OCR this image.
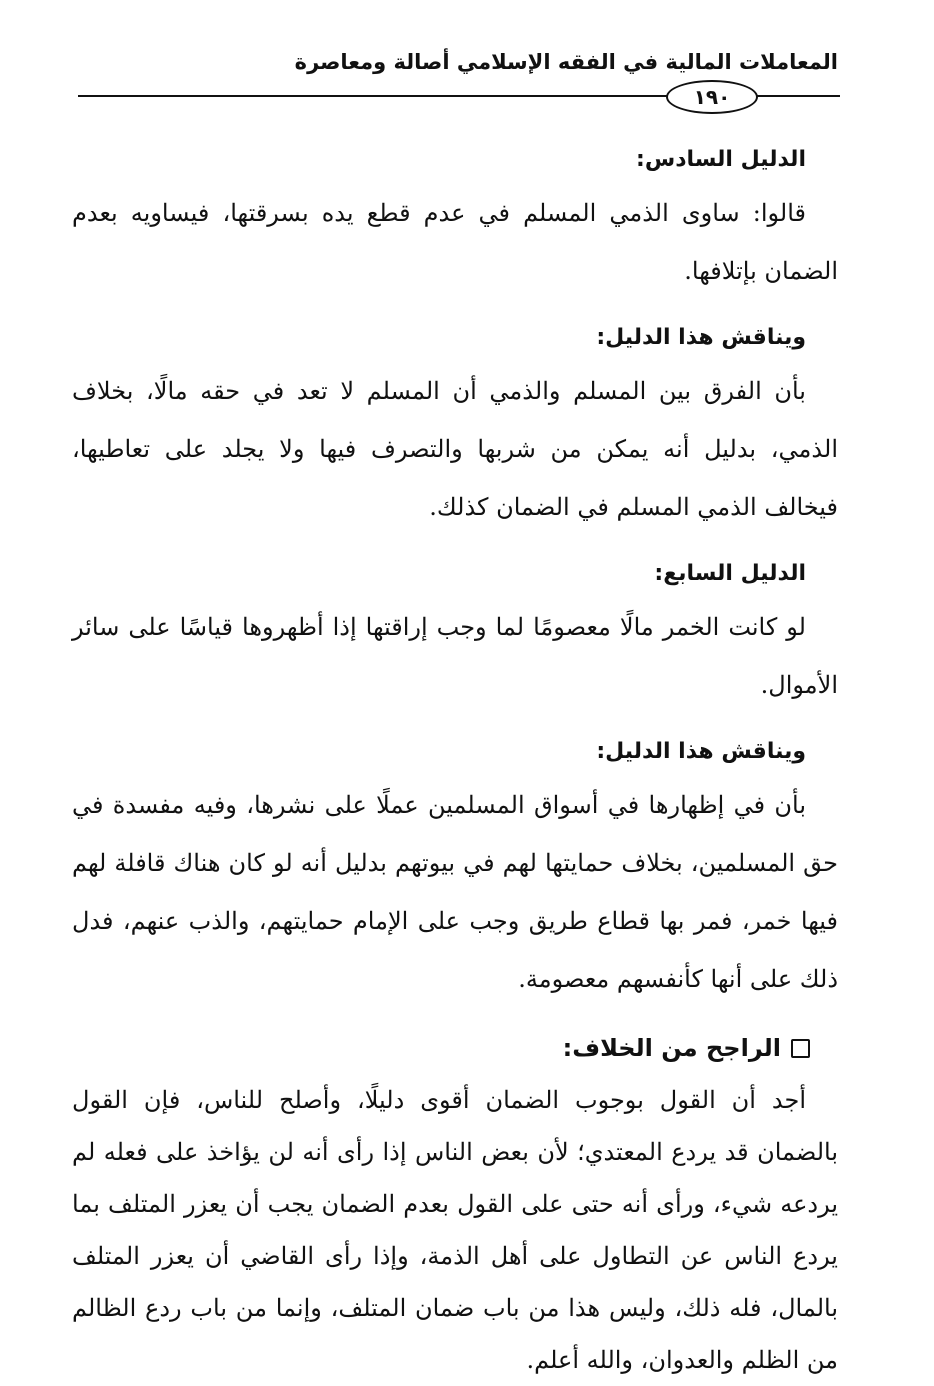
المعاملات المالية في الفقه الإسلامي أصالة ومعاصرة
١٩٠
الدليل السادس:

قالوا: ساوى الذمي المسلم في عدم قطع يده بسرقتها، فيساويه بعدم الضمان بإتلافها.

ويناقش هذا الدليل:

بأن الفرق بين المسلم والذمي أن المسلم لا تعد في حقه مالًا، بخلاف الذمي، بدليل أنه يمكن من شربها والتصرف فيها ولا يجلد على تعاطيها، فيخالف الذمي المسلم في الضمان كذلك.

الدليل السابع:

لو كانت الخمر مالًا معصومًا لما وجب إراقتها إذا أظهروها قياسًا على سائر الأموال.

ويناقش هذا الدليل:

بأن في إظهارها في أسواق المسلمين عملًا على نشرها، وفيه مفسدة في حق المسلمين، بخلاف حمايتها لهم في بيوتهم بدليل أنه لو كان هناك قافلة لهم فيها خمر، فمر بها قطاع طريق وجب على الإمام حمايتهم، والذب عنهم، فدل ذلك على أنها كأنفسهم معصومة.

الراجح من الخلاف:

أجد أن القول بوجوب الضمان أقوى دليلًا، وأصلح للناس، فإن القول بالضمان قد يردع المعتدي؛ لأن بعض الناس إذا رأى أنه لن يؤاخذ على فعله لم يردعه شيء، ورأى أنه حتى على القول بعدم الضمان يجب أن يعزر المتلف بما يردع الناس عن التطاول على أهل الذمة، وإذا رأى القاضي أن يعزر المتلف بالمال، فله ذلك، وليس هذا من باب ضمان المتلف، وإنما من باب ردع الظالم من الظلم والعدوان، والله أعلم.
